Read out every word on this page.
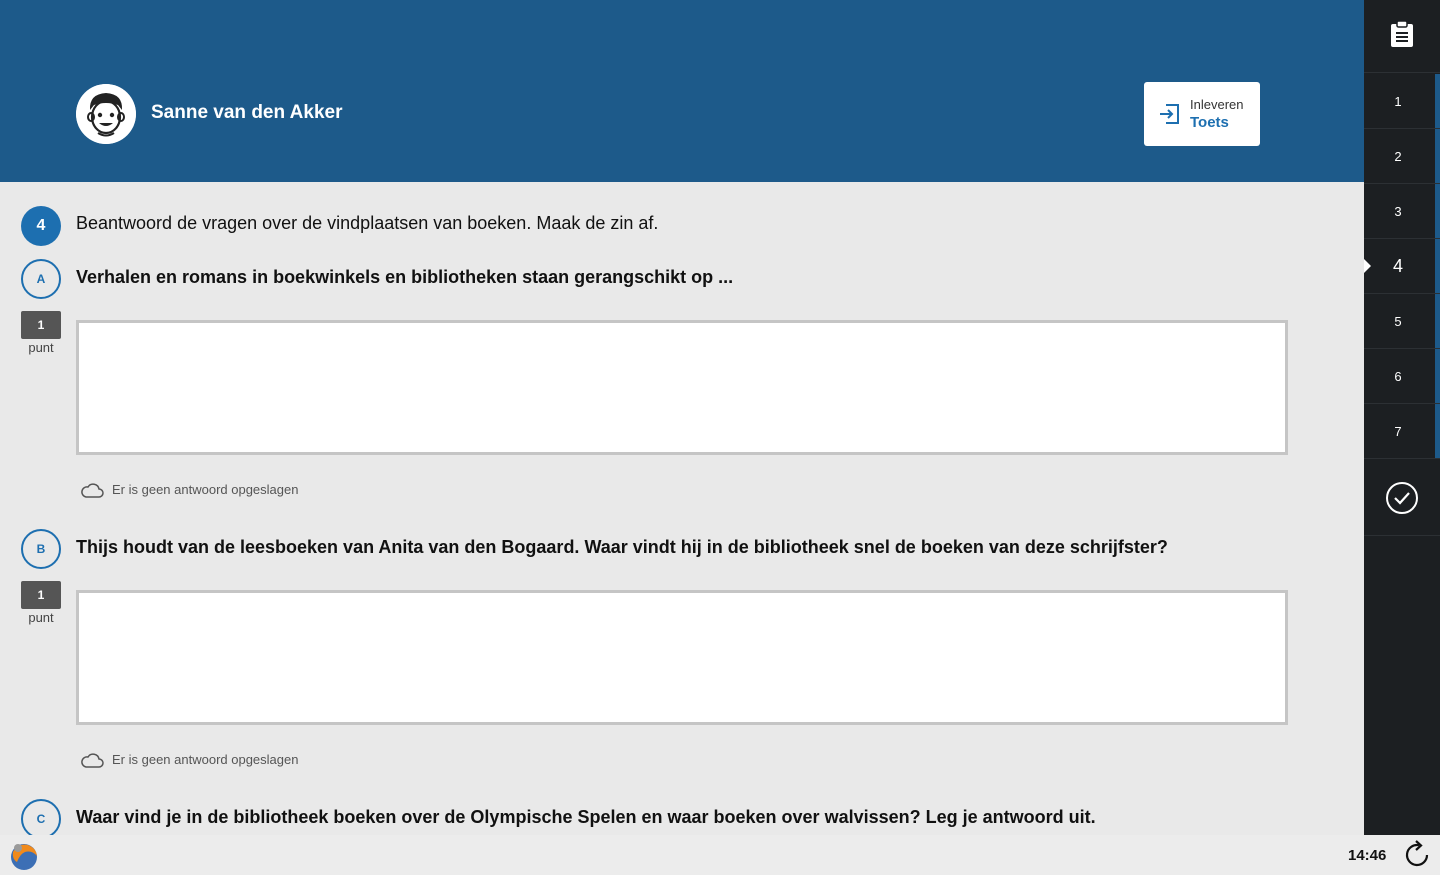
Sanne van den Akker	Inleveren
Toets
1
2
3
4
5
6
7
4	Beantwoord de vragen over de vindplaatsen van boeken. Maak de zin af.
A	Verhalen en romans in boekwinkels en bibliotheken staan gerangschikt op ...
1
punt
Er is geen antwoord opgeslagen
B	Thijs houdt van de leesboeken van Anita van den Bogaard. Waar vindt hij in de bibliotheek snel de boeken van deze schrijfster?
1
punt
Er is geen antwoord opgeslagen
C	Waar vind je in de bibliotheek boeken over de Olympische Spelen en waar boeken over walvissen? Leg je antwoord uit.
14:46
